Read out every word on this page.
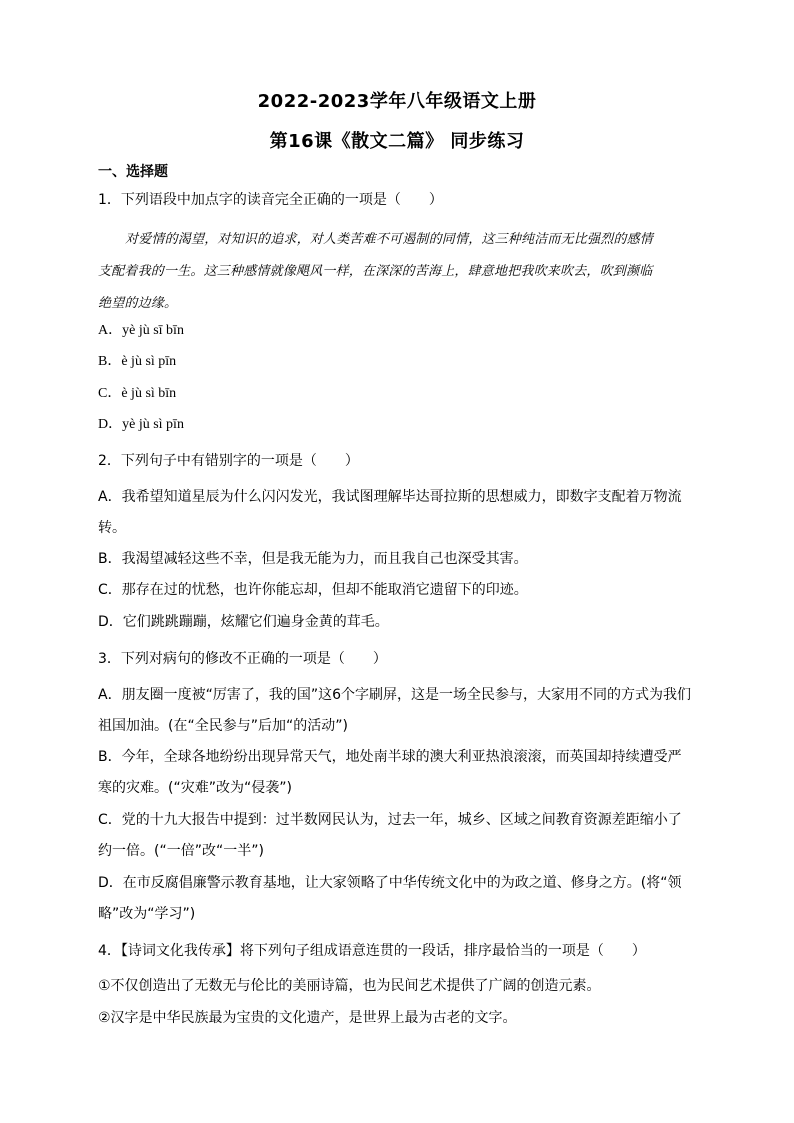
2022-2023学年八年级语文上册
第16课《散文二篇》 同步练习
一、选择题
1．下列语段中加点字的读音完全正确的一项是（　　）
对爱情的渴望，对知识的追求，对人类苦难不可遏制的同情，这三种纯洁而无比强烈的感情
支配着我的一生。这三种感情就像飓风一样，在深深的苦海上，肆意地把我吹来吹去，吹到濒临
绝望的边缘。
A．yè jù sī bīn
B．è jù sì pīn
C．è jù sì bīn
D．yè jù sì pīn
2．下列句子中有错别字的一项是（　　）
A．我希望知道星辰为什么闪闪发光，我试图理解毕达哥拉斯的思想威力，即数字支配着万物流
转。
B．我渴望减轻这些不幸，但是我无能为力，而且我自己也深受其害。
C．那存在过的忧愁，也许你能忘却，但却不能取消它遗留下的印迹。
D．它们跳跳蹦蹦，炫耀它们遍身金黄的茸毛。
3．下列对病句的修改不正确的一项是（　　）
A．朋友圈一度被“厉害了，我的国”这6个字刷屏，这是一场全民参与，大家用不同的方式为我们
祖国加油。(在“全民参与”后加“的活动”)
B．今年，全球各地纷纷出现异常天气，地处南半球的澳大利亚热浪滚滚，而英国却持续遭受严
寒的灾难。(“灾难”改为“侵袭”)
C．党的十九大报告中提到：过半数网民认为，过去一年，城乡、区域之间教育资源差距缩小了
约一倍。(“一倍”改“一半”)
D．在市反腐倡廉警示教育基地，让大家领略了中华传统文化中的为政之道、修身之方。(将“领
略”改为“学习”)
4．【诗词文化我传承】将下列句子组成语意连贯的一段话，排序最恰当的一项是（　　）
①不仅创造出了无数无与伦比的美丽诗篇，也为民间艺术提供了广阔的创造元素。
②汉字是中华民族最为宝贵的文化遗产，是世界上最为古老的文字。
